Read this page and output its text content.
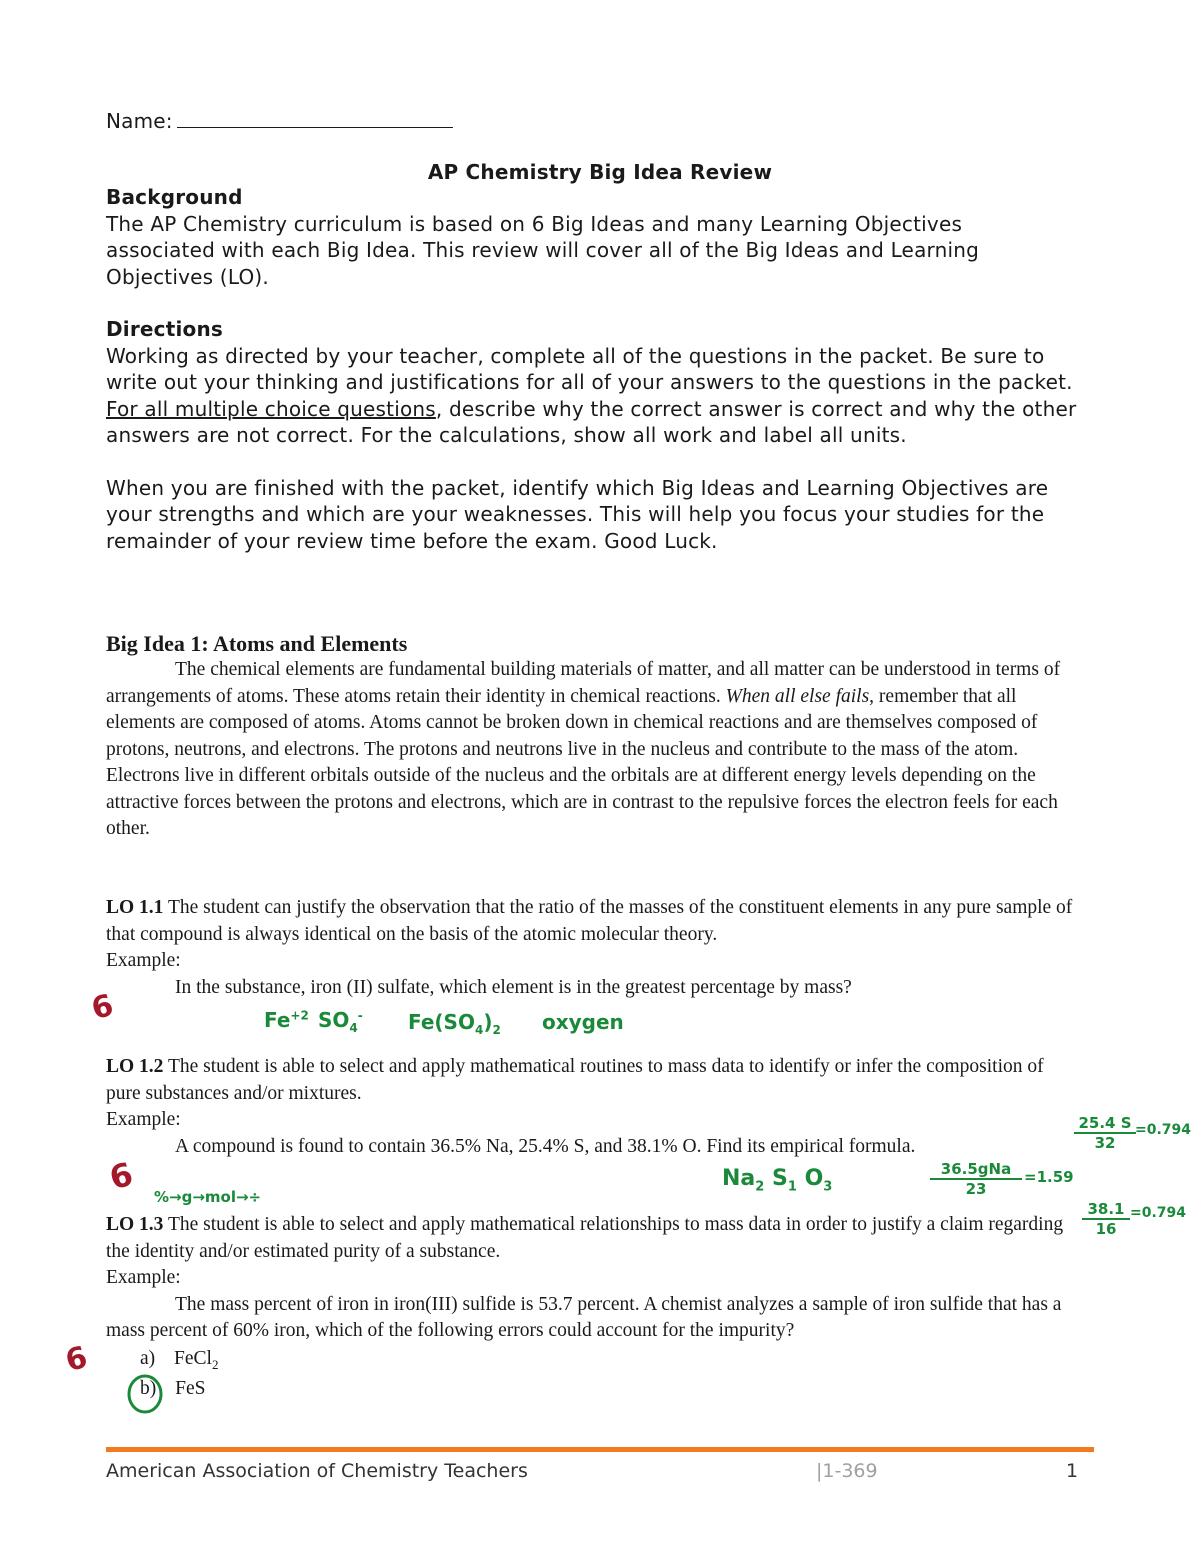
Name:
AP Chemistry Big Idea Review

Background

The AP Chemistry curriculum is based on 6 Big Ideas and many Learning Objectives associated with each Big Idea. This review will cover all of the Big Ideas and Learning Objectives (LO).

Directions

Working as directed by your teacher, complete all of the questions in the packet. Be sure to write out your thinking and justifications for all of your answers to the questions in the packet. For all multiple choice questions, describe why the correct answer is correct and why the other answers are not correct. For the calculations, show all work and label all units.

When you are finished with the packet, identify which Big Ideas and Learning Objectives are your strengths and which are your weaknesses. This will help you focus your studies for the remainder of your review time before the exam. Good Luck.

Big Idea 1: Atoms and Elements

The chemical elements are fundamental building materials of matter, and all matter can be understood in terms of arrangements of atoms. These atoms retain their identity in chemical reactions. When all else fails, remember that all elements are composed of atoms. Atoms cannot be broken down in chemical reactions and are themselves composed of protons, neutrons, and electrons. The protons and neutrons live in the nucleus and contribute to the mass of the atom. Electrons live in different orbitals outside of the nucleus and the orbitals are at different energy levels depending on the attractive forces between the protons and electrons, which are in contrast to the repulsive forces the electron feels for each other.

LO 1.1 The student can justify the observation that the ratio of the masses of the constituent elements in any pure sample of that compound is always identical on the basis of the atomic molecular theory.

Example:

In the substance, iron (II) sulfate, which element is in the greatest percentage by mass?

LO 1.2 The student is able to select and apply mathematical routines to mass data to identify or infer the composition of pure substances and/or mixtures.

Example:

A compound is found to contain 36.5% Na, 25.4% S, and 38.1% O. Find its empirical formula.

LO 1.3 The student is able to select and apply mathematical relationships to mass data in order to justify a claim regarding the identity and/or estimated purity of a substance.

Example:

The mass percent of iron in iron(III) sulfide is 53.7 percent. A chemist analyzes a sample of iron sulfide that has a mass percent of 60% iron, which of the following errors could account for the impurity?

a) FeCl$_2$
b) FeS
6
6
6
$Fe^{+2}$ $SO_4^-$ $Fe(SO_4)_2$ oxygen
%→g→mol→÷
$Na_2$ $S_1$ $O_3$
36.5gNa
23
=1.59
$\frac{25.4 S}{32} =0.794$
$\frac{38.1}{16} =0.794$
American Association of Chemistry Teachers	|1-369	1
